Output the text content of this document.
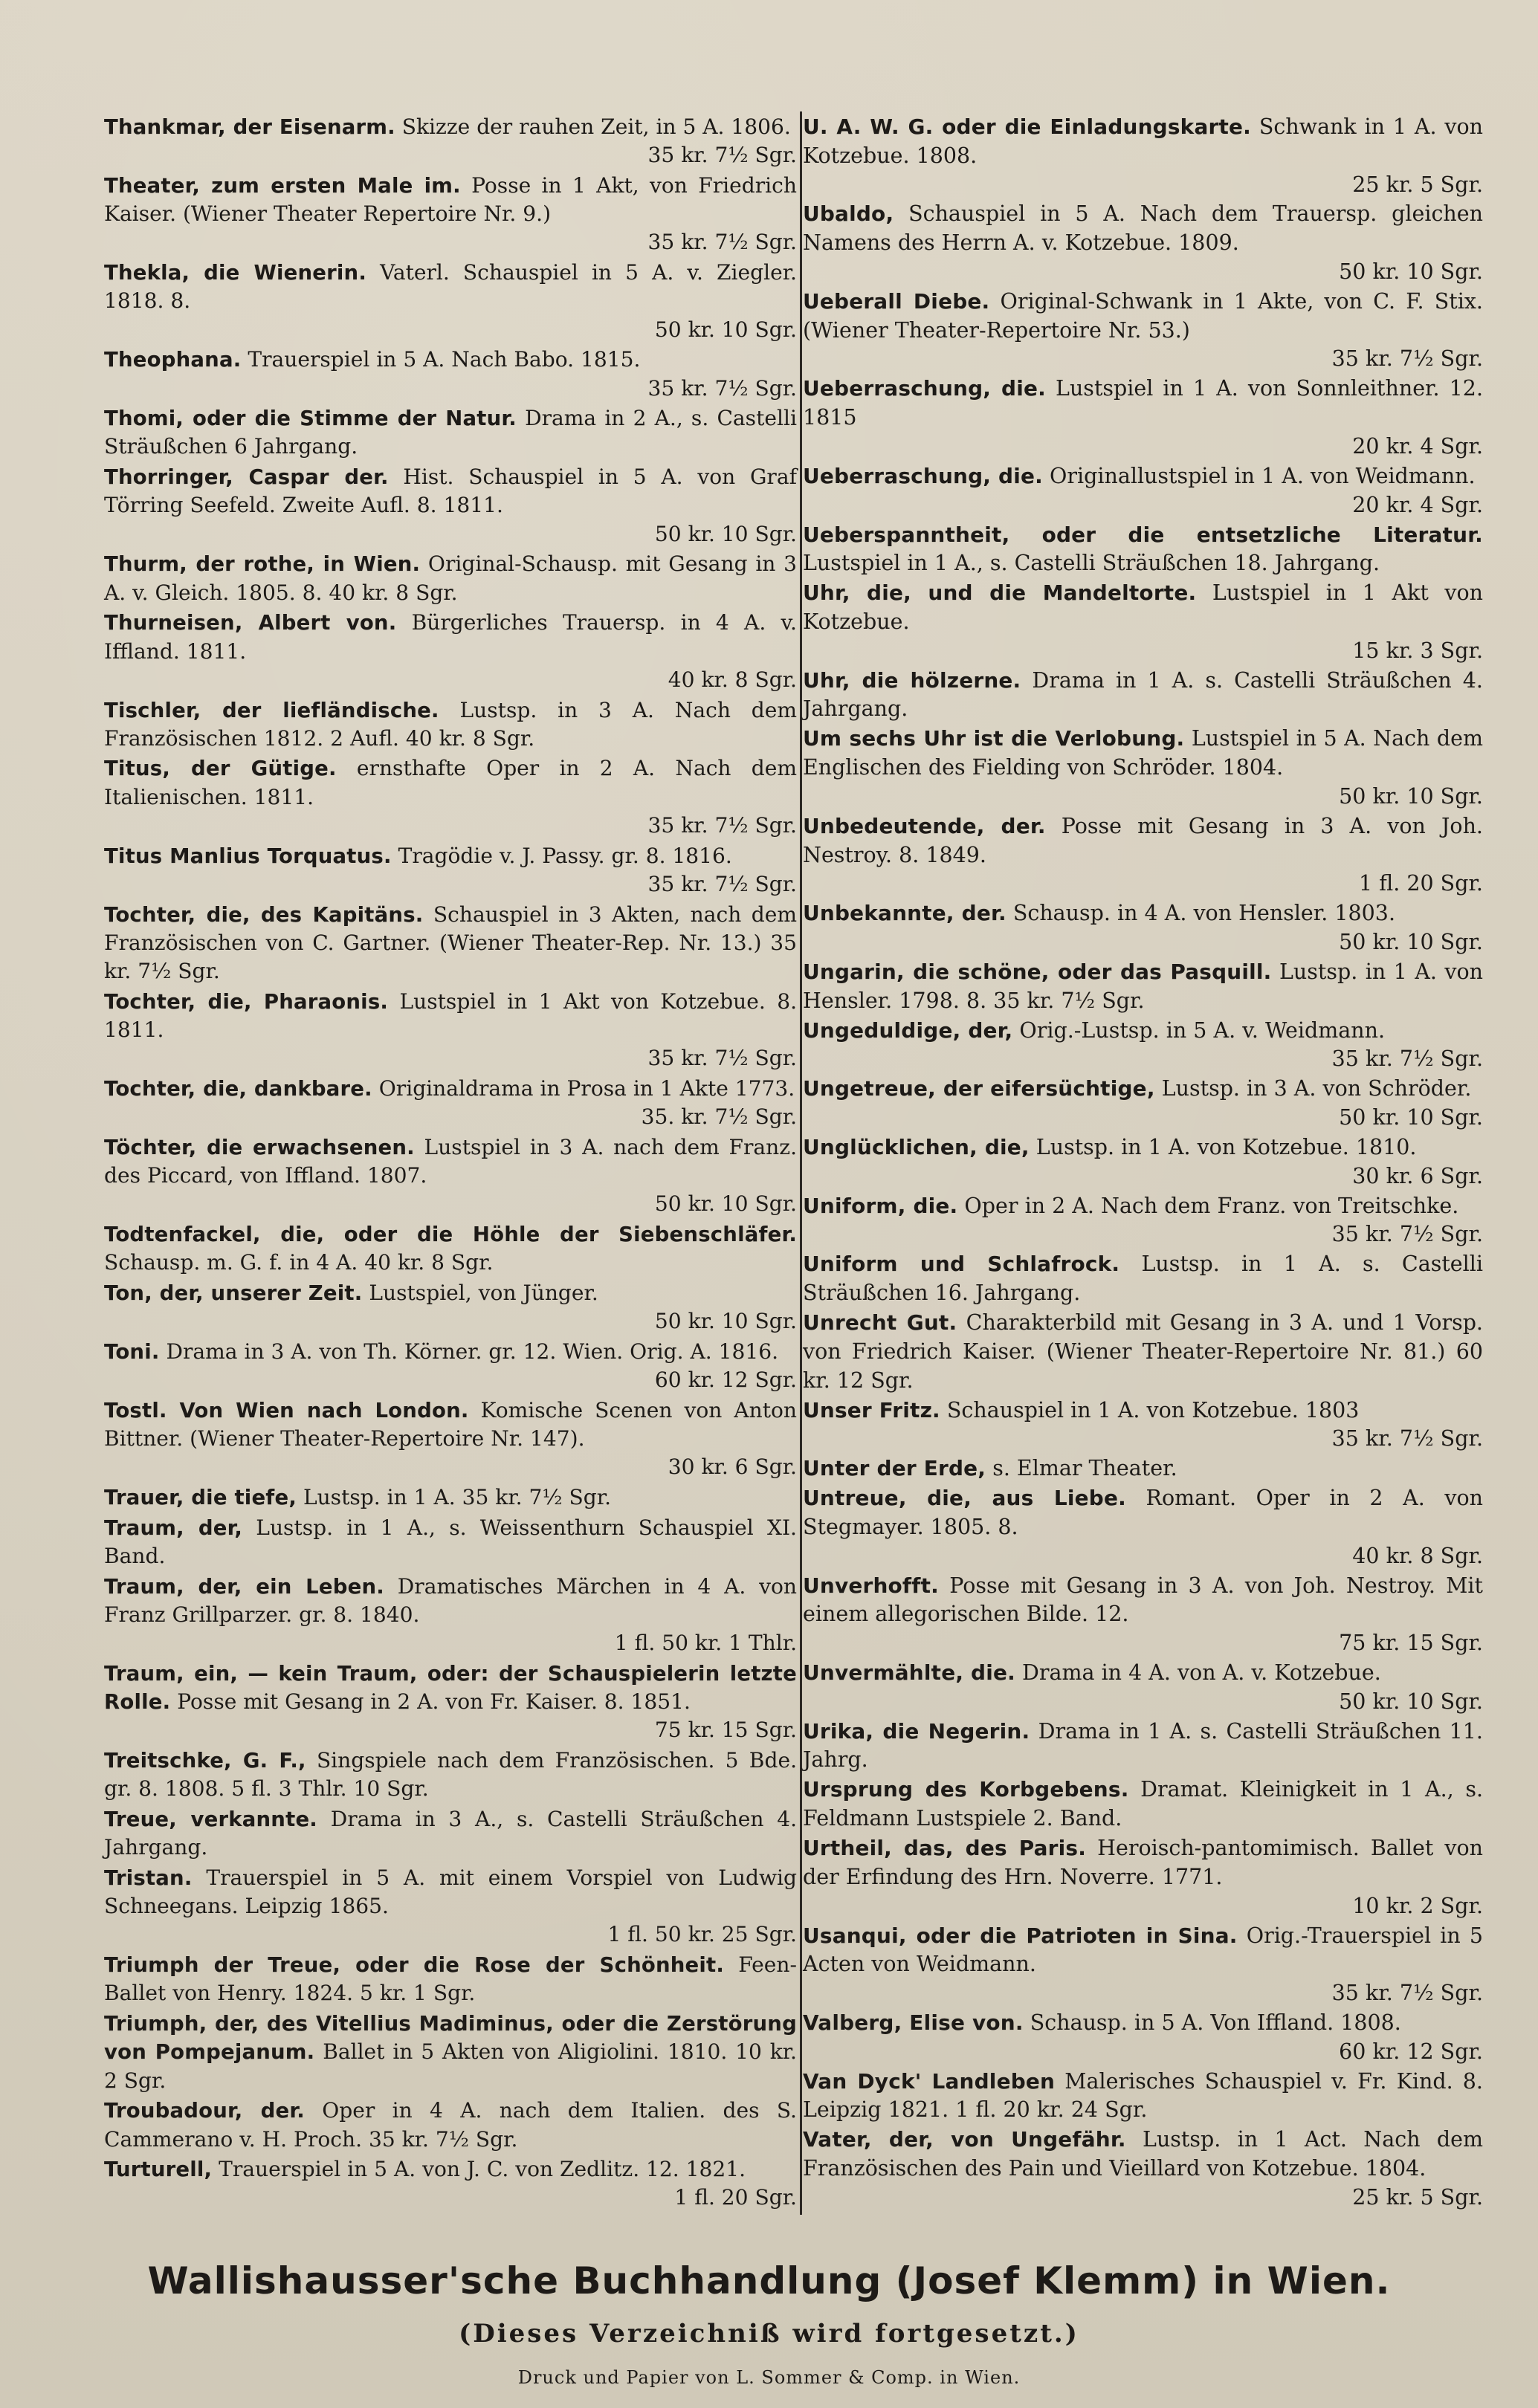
Thankmar, der Eisenarm. Skizze der rauhen Zeit, in 5 A. 1806.
35 kr. 7½ Sgr.
Theater, zum ersten Male im. Posse in 1 Akt, von Friedrich Kaiser. (Wiener Theater Repertoire Nr. 9.)
35 kr. 7½ Sgr.
Thekla, die Wienerin. Vaterl. Schauspiel in 5 A. v. Ziegler. 1818. 8.
50 kr. 10 Sgr.
Theophana. Trauerspiel in 5 A. Nach Babo. 1815.
35 kr. 7½ Sgr.
Thomi, oder die Stimme der Natur. Drama in 2 A., s. Castelli Sträußchen 6 Jahrgang.
Thorringer, Caspar der. Hist. Schauspiel in 5 A. von Graf Törring Seefeld. Zweite Aufl. 8. 1811.
50 kr. 10 Sgr.
Thurm, der rothe, in Wien. Original-Schausp. mit Gesang in 3 A. v. Gleich. 1805. 8. 40 kr. 8 Sgr.
Thurneisen, Albert von. Bürgerliches Trauersp. in 4 A. v. Iffland. 1811.
40 kr. 8 Sgr.
Tischler, der liefländische. Lustsp. in 3 A. Nach dem Französischen 1812. 2 Aufl. 40 kr. 8 Sgr.
Titus, der Gütige. ernsthafte Oper in 2 A. Nach dem Italienischen. 1811.
35 kr. 7½ Sgr.
Titus Manlius Torquatus. Tragödie v. J. Passy. gr. 8. 1816.
35 kr. 7½ Sgr.
Tochter, die, des Kapitäns. Schauspiel in 3 Akten, nach dem Französischen von C. Gartner. (Wiener Theater-Rep. Nr. 13.) 35 kr. 7½ Sgr.
Tochter, die, Pharaonis. Lustspiel in 1 Akt von Kotzebue. 8. 1811.
35 kr. 7½ Sgr.
Tochter, die, dankbare. Originaldrama in Prosa in 1 Akte 1773.
35. kr. 7½ Sgr.
Töchter, die erwachsenen. Lustspiel in 3 A. nach dem Franz. des Piccard, von Iffland. 1807.
50 kr. 10 Sgr.
Todtenfackel, die, oder die Höhle der Siebenschläfer. Schausp. m. G. f. in 4 A. 40 kr. 8 Sgr.
Ton, der, unserer Zeit. Lustspiel, von Jünger.
50 kr. 10 Sgr.
Toni. Drama in 3 A. von Th. Körner. gr. 12. Wien. Orig. A. 1816.
60 kr. 12 Sgr.
Tostl. Von Wien nach London. Komische Scenen von Anton Bittner. (Wiener Theater-Repertoire Nr. 147).
30 kr. 6 Sgr.
Trauer, die tiefe, Lustsp. in 1 A. 35 kr. 7½ Sgr.
Traum, der, Lustsp. in 1 A., s. Weissenthurn Schauspiel XI. Band.
Traum, der, ein Leben. Dramatisches Märchen in 4 A. von Franz Grillparzer. gr. 8. 1840.
1 fl. 50 kr. 1 Thlr.
Traum, ein, — kein Traum, oder: der Schauspielerin letzte Rolle. Posse mit Gesang in 2 A. von Fr. Kaiser. 8. 1851.
75 kr. 15 Sgr.
Treitschke, G. F., Singspiele nach dem Französischen. 5 Bde. gr. 8. 1808. 5 fl. 3 Thlr. 10 Sgr.
Treue, verkannte. Drama in 3 A., s. Castelli Sträußchen 4. Jahrgang.
Tristan. Trauerspiel in 5 A. mit einem Vorspiel von Ludwig Schneegans. Leipzig 1865.
1 fl. 50 kr. 25 Sgr.
Triumph der Treue, oder die Rose der Schönheit. Feen-Ballet von Henry. 1824. 5 kr. 1 Sgr.
Triumph, der, des Vitellius Madiminus, oder die Zerstörung von Pompejanum. Ballet in 5 Akten von Aligiolini. 1810. 10 kr. 2 Sgr.
Troubadour, der. Oper in 4 A. nach dem Italien. des S. Cammerano v. H. Proch. 35 kr. 7½ Sgr.
Turturell, Trauerspiel in 5 A. von J. C. von Zedlitz. 12. 1821.
1 fl. 20 Sgr.
U. A. W. G. oder die Einladungskarte. Schwank in 1 A. von Kotzebue. 1808.
25 kr. 5 Sgr.
Ubaldo, Schauspiel in 5 A. Nach dem Trauersp. gleichen Namens des Herrn A. v. Kotzebue. 1809.
50 kr. 10 Sgr.
Ueberall Diebe. Original-Schwank in 1 Akte, von C. F. Stix. (Wiener Theater-Repertoire Nr. 53.)
35 kr. 7½ Sgr.
Ueberraschung, die. Lustspiel in 1 A. von Sonnleithner. 12. 1815
20 kr. 4 Sgr.
Ueberraschung, die. Originallustspiel in 1 A. von Weidmann.
20 kr. 4 Sgr.
Ueberspanntheit, oder die entsetzliche Literatur. Lustspiel in 1 A., s. Castelli Sträußchen 18. Jahrgang.
Uhr, die, und die Mandeltorte. Lustspiel in 1 Akt von Kotzebue.
15 kr. 3 Sgr.
Uhr, die hölzerne. Drama in 1 A. s. Castelli Sträußchen 4. Jahrgang.
Um sechs Uhr ist die Verlobung. Lustspiel in 5 A. Nach dem Englischen des Fielding von Schröder. 1804.
50 kr. 10 Sgr.
Unbedeutende, der. Posse mit Gesang in 3 A. von Joh. Nestroy. 8. 1849.
1 fl. 20 Sgr.
Unbekannte, der. Schausp. in 4 A. von Hensler. 1803.
50 kr. 10 Sgr.
Ungarin, die schöne, oder das Pasquill. Lustsp. in 1 A. von Hensler. 1798. 8. 35 kr. 7½ Sgr.
Ungeduldige, der, Orig.-Lustsp. in 5 A. v. Weidmann.
35 kr. 7½ Sgr.
Ungetreue, der eifersüchtige, Lustsp. in 3 A. von Schröder.
50 kr. 10 Sgr.
Unglücklichen, die, Lustsp. in 1 A. von Kotzebue. 1810.
30 kr. 6 Sgr.
Uniform, die. Oper in 2 A. Nach dem Franz. von Treitschke.
35 kr. 7½ Sgr.
Uniform und Schlafrock. Lustsp. in 1 A. s. Castelli Sträußchen 16. Jahrgang.
Unrecht Gut. Charakterbild mit Gesang in 3 A. und 1 Vorsp. von Friedrich Kaiser. (Wiener Theater-Repertoire Nr. 81.) 60 kr. 12 Sgr.
Unser Fritz. Schauspiel in 1 A. von Kotzebue. 1803
35 kr. 7½ Sgr.
Unter der Erde, s. Elmar Theater.
Untreue, die, aus Liebe. Romant. Oper in 2 A. von Stegmayer. 1805. 8.
40 kr. 8 Sgr.
Unverhofft. Posse mit Gesang in 3 A. von Joh. Nestroy. Mit einem allegorischen Bilde. 12.
75 kr. 15 Sgr.
Unvermählte, die. Drama in 4 A. von A. v. Kotzebue.
50 kr. 10 Sgr.
Urika, die Negerin. Drama in 1 A. s. Castelli Sträußchen 11. Jahrg.
Ursprung des Korbgebens. Dramat. Kleinigkeit in 1 A., s. Feldmann Lustspiele 2. Band.
Urtheil, das, des Paris. Heroisch-pantomimisch. Ballet von der Erfindung des Hrn. Noverre. 1771.
10 kr. 2 Sgr.
Usanqui, oder die Patrioten in Sina. Orig.-Trauerspiel in 5 Acten von Weidmann.
35 kr. 7½ Sgr.
Valberg, Elise von. Schausp. in 5 A. Von Iffland. 1808.
60 kr. 12 Sgr.
Van Dyck' Landleben Malerisches Schauspiel v. Fr. Kind. 8. Leipzig 1821. 1 fl. 20 kr. 24 Sgr.
Vater, der, von Ungefähr. Lustsp. in 1 Act. Nach dem Französischen des Pain und Vieillard von Kotzebue. 1804.
25 kr. 5 Sgr.
Wallishausser'sche Buchhandlung (Josef Klemm) in Wien.
(Dieses Verzeichniß wird fortgesetzt.)
Druck und Papier von L. Sommer & Comp. in Wien.
